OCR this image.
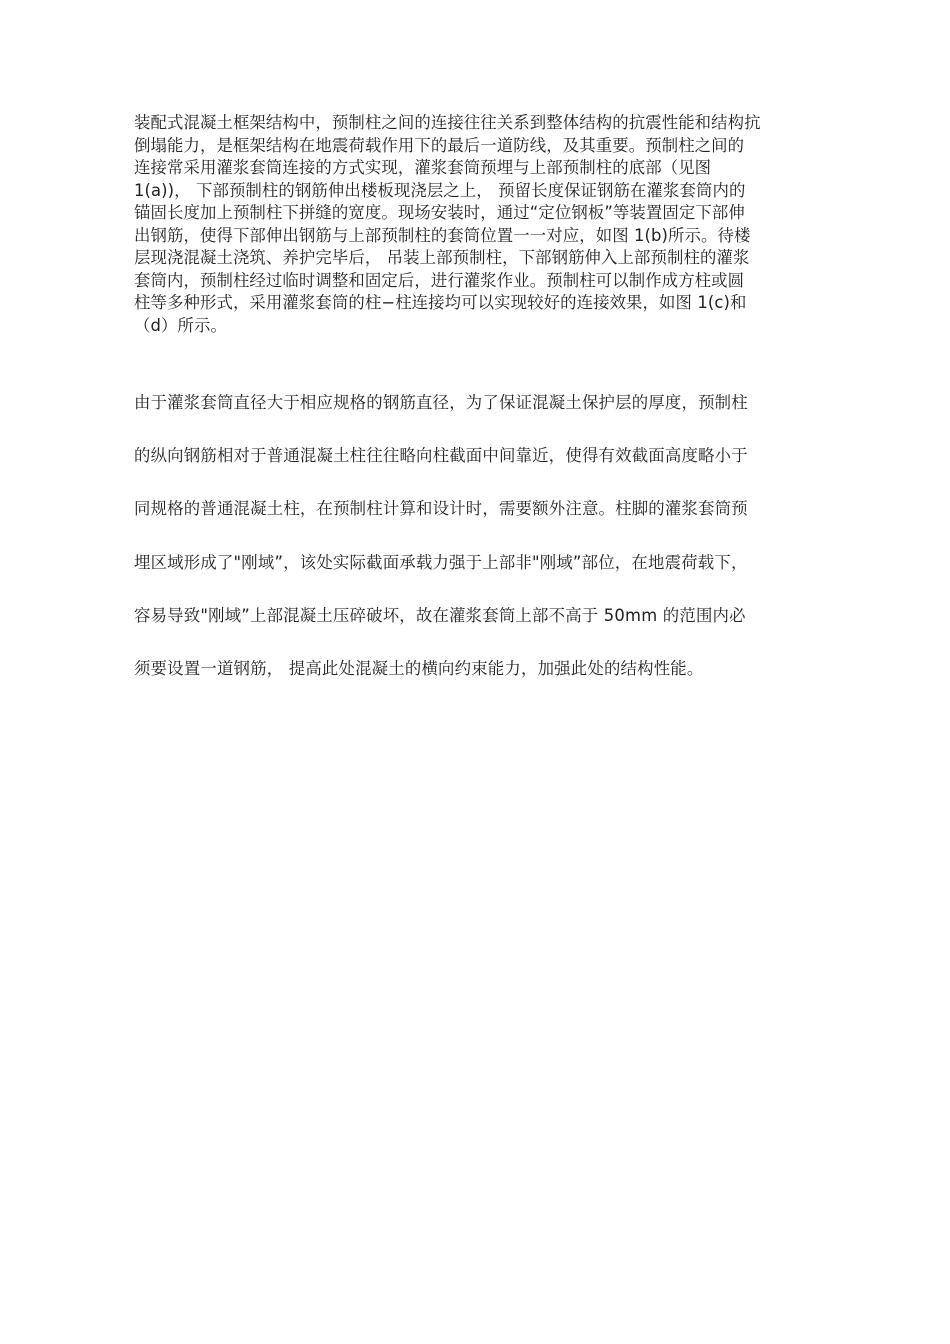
装配式混凝土框架结构中，预制柱之间的连接往往关系到整体结构的抗震性能和结构抗
倒塌能力，是框架结构在地震荷载作用下的最后一道防线，及其重要。预制柱之间的
连接常采用灌浆套筒连接的方式实现，灌浆套筒预埋与上部预制柱的底部（见图
1(a))， 下部预制柱的钢筋伸出楼板现浇层之上， 预留长度保证钢筋在灌浆套筒内的
锚固长度加上预制柱下拼缝的宽度。现场安装时，通过“定位钢板”等装置固定下部伸
出钢筋，使得下部伸出钢筋与上部预制柱的套筒位置一一对应，如图 1(b)所示。待楼
层现浇混凝土浇筑、养护完毕后， 吊装上部预制柱，下部钢筋伸入上部预制柱的灌浆
套筒内，预制柱经过临时调整和固定后，进行灌浆作业。预制柱可以制作成方柱或圆
柱等多种形式，采用灌浆套筒的柱−柱连接均可以实现较好的连接效果，如图 1(c)和
（d）所示。
由于灌浆套筒直径大于相应规格的钢筋直径，为了保证混凝土保护层的厚度，预制柱
的纵向钢筋相对于普通混凝土柱往往略向柱截面中间靠近，使得有效截面高度略小于
同规格的普通混凝土柱，在预制柱计算和设计时，需要额外注意。柱脚的灌浆套筒预
埋区域形成了"刚域”，该处实际截面承载力强于上部非"刚域”部位，在地震荷载下，
容易导致"刚域”上部混凝土压碎破坏，故在灌浆套筒上部不高于 50mm 的范围内必
须要设置一道钢筋， 提高此处混凝土的横向约束能力，加强此处的结构性能。
